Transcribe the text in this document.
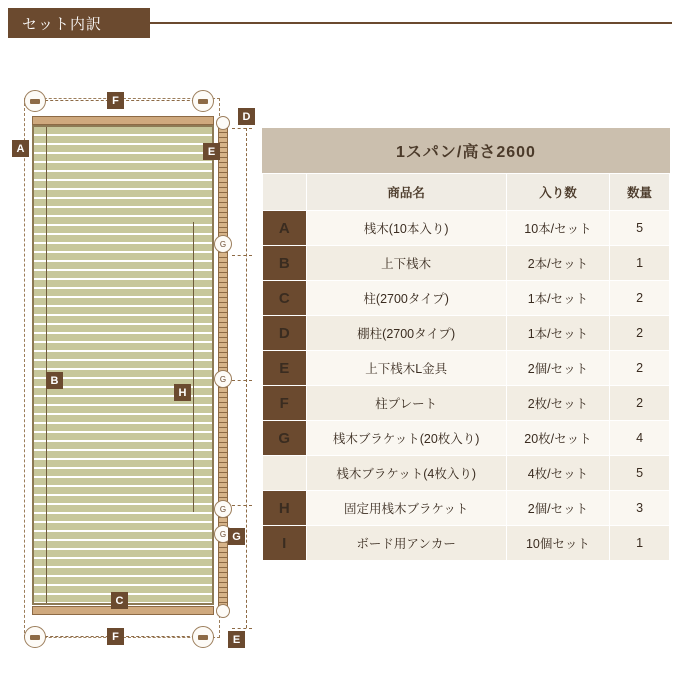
セット内訳
G
G
G
G
F
F
A
B
C
D
E
E
G
H
1スパン/高さ2600
	商品名	入り数	数量
A	桟木(10本入り)	10本/セット	5
B	上下桟木	2本/セット	1
C	柱(2700タイプ)	1本/セット	2
D	棚柱(2700タイプ)	1本/セット	2
E	上下桟木L金具	2個/セット	2
F	柱プレート	2枚/セット	2
G	桟木ブラケット(20枚入り)	20枚/セット	4
	桟木ブラケット(4枚入り)	4枚/セット	5
H	固定用桟木ブラケット	2個/セット	3
I	ボード用アンカー	10個セット	1
